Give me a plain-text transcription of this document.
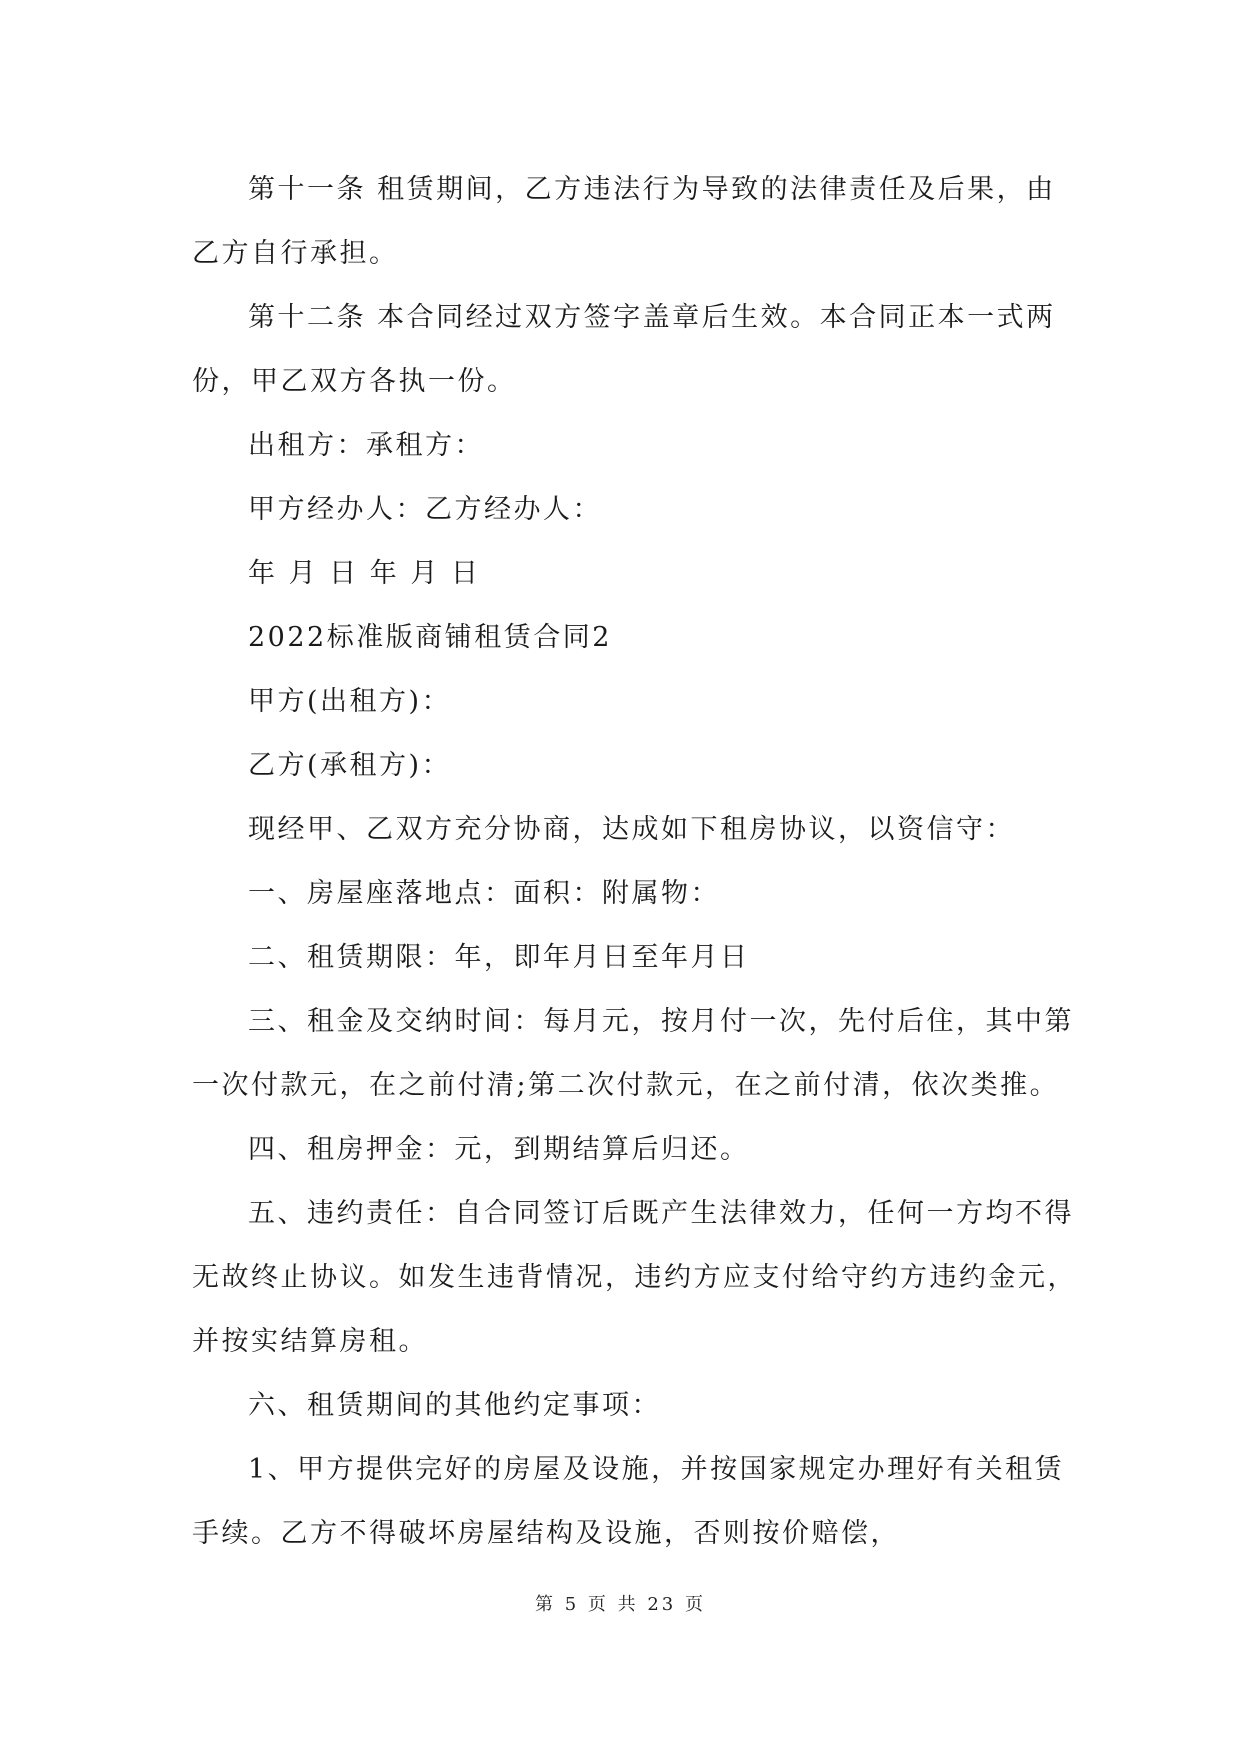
第十一条 租赁期间，乙方违法行为导致的法律责任及后果，由

乙方自行承担。

第十二条 本合同经过双方签字盖章后生效。本合同正本一式两

份，甲乙双方各执一份。

出租方：承租方：

甲方经办人：乙方经办人：

年 月 日 年 月 日

2022标准版商铺租赁合同2

甲方(出租方)：

乙方(承租方)：

现经甲、乙双方充分协商，达成如下租房协议，以资信守：

一、房屋座落地点：面积：附属物：

二、租赁期限：年，即年月日至年月日

三、租金及交纳时间：每月元，按月付一次，先付后住，其中第

一次付款元，在之前付清;第二次付款元，在之前付清，依次类推。

四、租房押金：元，到期结算后归还。

五、违约责任：自合同签订后既产生法律效力，任何一方均不得

无故终止协议。如发生违背情况，违约方应支付给守约方违约金元，

并按实结算房租。

六、租赁期间的其他约定事项：

1、甲方提供完好的房屋及设施，并按国家规定办理好有关租赁

手续。乙方不得破坏房屋结构及设施，否则按价赔偿，

第 5 页 共 23 页
